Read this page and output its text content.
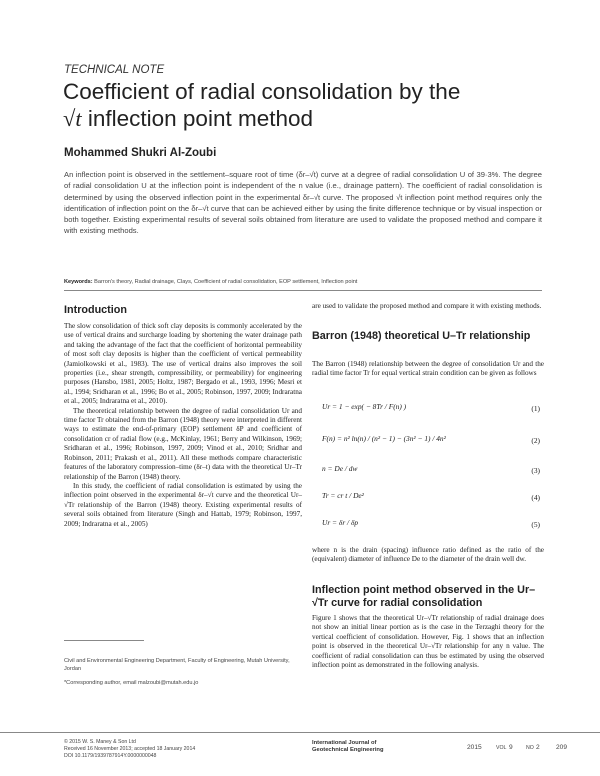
TECHNICAL NOTE
Coefficient of radial consolidation by the
√t inflection point method
Mohammed Shukri Al-Zoubi

An inflection point is observed in the settlement–square root of time (δr–√t) curve at a degree of radial consolidation U of 39·3%. The degree of radial consolidation U at the inflection point is independent of the n value (i.e., drainage pattern). The coefficient of radial consolidation is determined by using the observed inflection point in the experimental δr–√t curve. The proposed √t inflection point method requires only the identification of inflection point on the δr–√t curve that can be achieved either by using the finite difference technique or by visual inspection or both together. Existing experimental results of several soils obtained from literature are used to validate the proposed method and compare it with existing methods.

Keywords: Barron's theory, Radial drainage, Clays, Coefficient of radial consolidation, EOP settlement, Inflection point
Introduction

The slow consolidation of thick soft clay deposits is commonly accelerated by the use of vertical drains and surcharge loading by shortening the water drainage path and taking the advantage of the fact that the coefficient of horizontal permeability of most soft clay deposits is higher than the coefficient of vertical permeability (Jamiolkowski et al., 1983). The use of vertical drains also improves the soil properties (i.e., shear strength, compressibility, or permeability) for engineering purposes (Hansbo, 1981, 2005; Holtz, 1987; Bergado et al., 1993, 1996; Mesri et al., 1994; Sridharan et al., 1996; Bo et al., 2005; Robinson, 1997, 2009; Indraratna et al., 2005; Indraratna et al., 2010).

The theoretical relationship between the degree of radial consolidation Ur and time factor Tr obtained from the Barron (1948) theory were interpreted in different ways to estimate the end-of-primary (EOP) settlement δP and coefficient of consolidation cr of radial flow (e.g., McKinlay, 1961; Berry and Wilkinson, 1969; Sridharan et al., 1996; Robinson, 1997, 2009; Vinod et al., 2010; Sridhar and Robinson, 2011; Prakash et al., 2011). All these methods compare characteristic features of the laboratory compression–time (δr–t) data with the theoretical Ur–Tr relationship of the Barron (1948) theory.

In this study, the coefficient of radial consolidation is estimated by using the inflection point observed in the experimental δr–√t curve and the theoretical Ur–√Tr relationship of the Barron (1948) theory. Existing experimental results of several soils obtained from literature (Singh and Hattab, 1979; Robinson, 1997, 2009; Indraratna et al., 2005)

Civil and Environmental Engineering Department, Faculty of Engineering, Mutah University, Jordan
*Corresponding author, email malzoubi@mutah.edu.jo

are used to validate the proposed method and compare it with existing methods.

Barron (1948) theoretical U–Tr relationship
The Barron (1948) relationship between the degree of consolidation Ur and the radial time factor Tr for equal vertical strain condition can be given as follows
Ur = 1 − exp( − 8Tr / F(n) )	(1)
F(n) = n² ln(n) / (n² − 1) − (3n² − 1) / 4n²	(2)
n = De / dw	(3)
Tr = cr t / De²	(4)
Ur = δr / δp	(5)
where n is the drain (spacing) influence ratio defined as the ratio of the (equivalent) diameter of influence De to the diameter of the drain well dw.
Inflection point method observed in the Ur–√Tr curve for radial consolidation
Figure 1 shows that the theoretical Ur–√Tr relationship of radial drainage does not show an initial linear portion as is the case in the Terzaghi theory for the vertical coefficient of consolidation. However, Fig. 1 shows that an inflection point is observed in the theoretical Ur–√Tr relationship for any n value. The coefficient of radial consolidation can thus be estimated by using the observed inflection point as demonstrated in the following analysis.
© 2015 W. S. Maney & Son Ltd
Received 16 November 2013; accepted 18 January 2014
DOI 10.1179/1939787914Y.0000000048
International Journal of
Geotechnical Engineering	2015	VOL 9	NO 2 209
